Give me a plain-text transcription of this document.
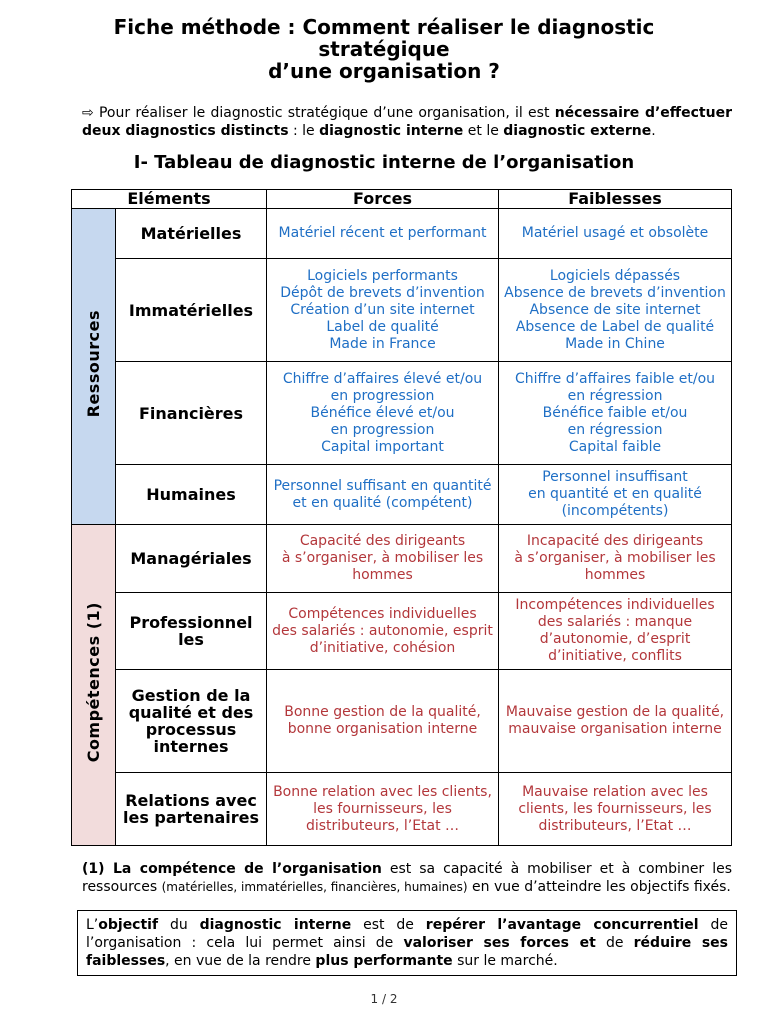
Fiche méthode : Comment réaliser le diagnostic
stratégique
d’une organisation ?
⇨ Pour réaliser le diagnostic stratégique d’une organisation, il est nécessaire d’effectuer deux diagnostics distincts : le diagnostic interne et le diagnostic externe.
I- Tableau de diagnostic interne de l’organisation
Eléments		Forces	Faiblesses
Ressources	Matérielles	Matériel récent et performant	Matériel usagé et obsolète

	Immatérielles	Logiciels performants
Dépôt de brevets d’invention
Création d’un site internet
Label de qualité
Made in France	Logiciels dépassés
Absence de brevets d’invention
Absence de site internet
Absence de Label de qualité
Made in Chine

	Financières	Chiffre d’affaires élevé et/ou
en progression
Bénéfice élevé et/ou
en progression
Capital important	Chiffre d’affaires faible et/ou
en régression
Bénéfice faible et/ou
en régression
Capital faible

	Humaines	Personnel suffisant en quantité
et en qualité (compétent)	Personnel insuffisant
en quantité et en qualité
(incompétents)

Compétences (1)	Managériales	Capacité des dirigeants
à s’organiser, à mobiliser les
hommes	Incapacité des dirigeants
à s’organiser, à mobiliser les
hommes

	Professionnelles	Compétences individuelles
des salariés : autonomie, esprit
d’initiative, cohésion	Incompétences individuelles
des salariés : manque
d’autonomie, d’esprit
d’initiative, conflits

	Gestion de la qualité et des processus internes	Bonne gestion de la qualité,
bonne organisation interne	Mauvaise gestion de la qualité,
mauvaise organisation interne

	Relations avec les partenaires	Bonne relation avec les clients,
les fournisseurs, les
distributeurs, l’Etat …	Mauvaise relation avec les
clients, les fournisseurs, les
distributeurs, l’Etat …
(1) La compétence de l’organisation est sa capacité à mobiliser et à combiner les ressources (matérielles, immatérielles, financières, humaines) en vue d’atteindre les objectifs fixés.
L’objectif du diagnostic interne est de repérer l’avantage concurrentiel de l’organisation : cela lui permet ainsi de valoriser ses forces et de réduire ses faiblesses, en vue de la rendre plus performante sur le marché.
1 / 2
